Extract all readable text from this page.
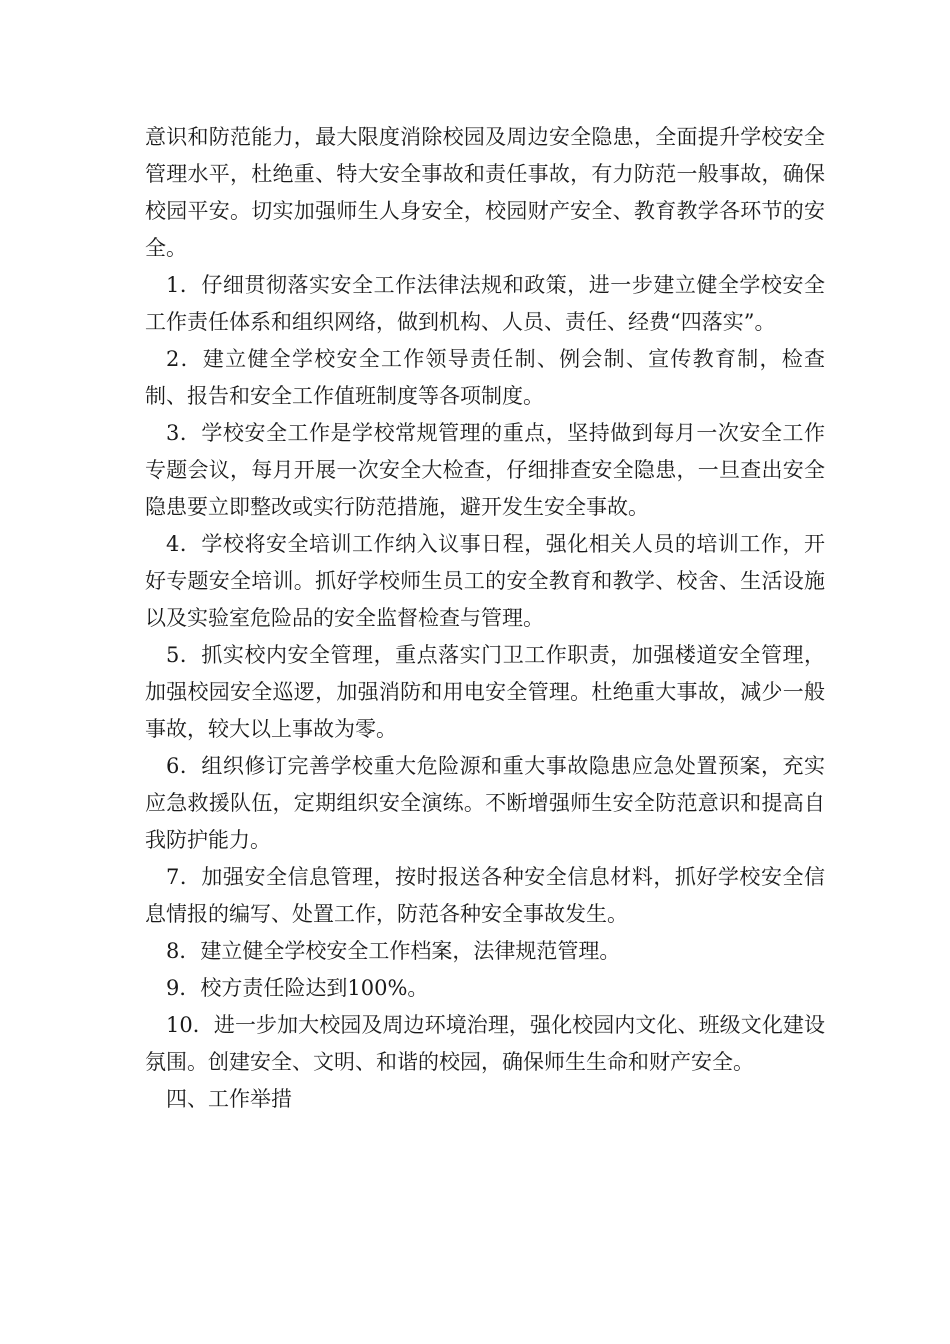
意识和防范能力，最大限度消除校园及周边安全隐患，全面提升学校安全管理水平，杜绝重、特大安全事故和责任事故，有力防范一般事故，确保校园平安。切实加强师生人身安全，校园财产安全、教育教学各环节的安全。

1．仔细贯彻落实安全工作法律法规和政策，进一步建立健全学校安全工作责任体系和组织网络，做到机构、人员、责任、经费“四落实”。

2．建立健全学校安全工作领导责任制、例会制、宣传教育制，检查制、报告和安全工作值班制度等各项制度。

3．学校安全工作是学校常规管理的重点，坚持做到每月一次安全工作专题会议，每月开展一次安全大检查，仔细排查安全隐患，一旦查出安全隐患要立即整改或实行防范措施，避开发生安全事故。

4．学校将安全培训工作纳入议事日程，强化相关人员的培训工作，开好专题安全培训。抓好学校师生员工的安全教育和教学、校舍、生活设施以及实验室危险品的安全监督检查与管理。

5．抓实校内安全管理，重点落实门卫工作职责，加强楼道安全管理，加强校园安全巡逻，加强消防和用电安全管理。杜绝重大事故，减少一般事故，较大以上事故为零。

6．组织修订完善学校重大危险源和重大事故隐患应急处置预案，充实应急救援队伍，定期组织安全演练。不断增强师生安全防范意识和提高自我防护能力。

7．加强安全信息管理，按时报送各种安全信息材料，抓好学校安全信息情报的编写、处置工作，防范各种安全事故发生。

8．建立健全学校安全工作档案，法律规范管理。

9．校方责任险达到100%。

10．进一步加大校园及周边环境治理，强化校园内文化、班级文化建设氛围。创建安全、文明、和谐的校园，确保师生生命和财产安全。

四、工作举措
